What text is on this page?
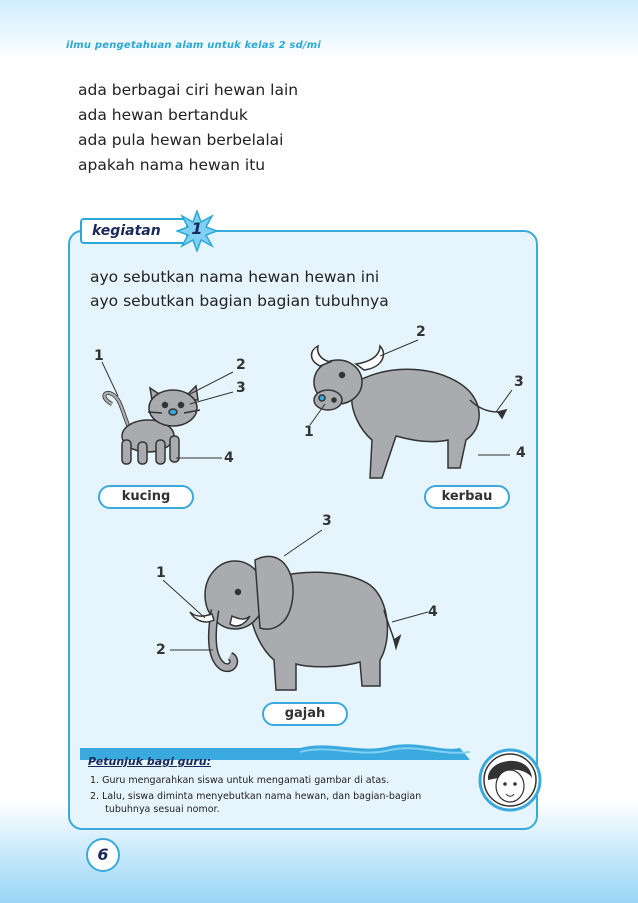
ilmu pengetahuan alam untuk kelas 2 sd/mi
ada berbagai ciri hewan lain
ada hewan bertanduk
ada pula hewan berbelalai
apakah nama hewan itu
kegiatan	1
ayo sebutkan nama hewan hewan ini
ayo sebutkan bagian bagian tubuhnya
1
2
3
4
1
2
3
4
1
2
3
4
kucing	kerbau
gajah
Petunjuk bagi guru:
1. Guru mengarahkan siswa untuk mengamati gambar di atas.
2. Lalu, siswa diminta menyebutkan nama hewan, dan bagian-bagian
tubuhnya sesuai nomor.
6
